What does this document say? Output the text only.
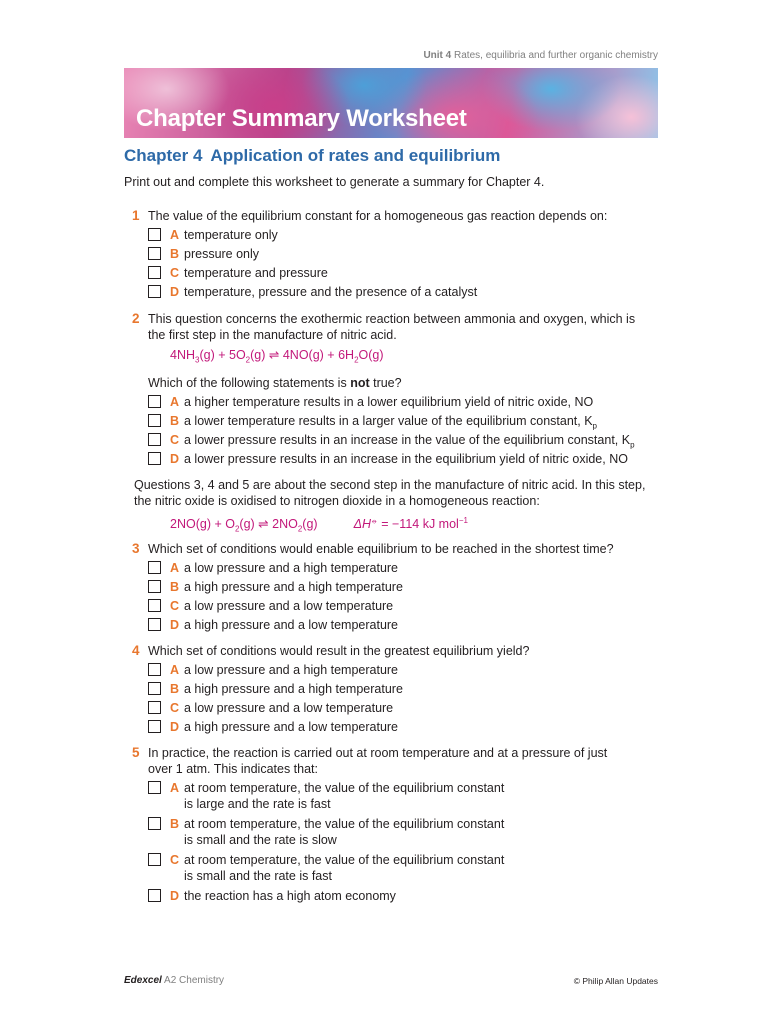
Unit 4 Rates, equilibria and further organic chemistry
Chapter Summary Worksheet
Chapter 4 Application of rates and equilibrium
Print out and complete this worksheet to generate a summary for Chapter 4.
1 The value of the equilibrium constant for a homogeneous gas reaction depends on:
A temperature only
B pressure only
C temperature and pressure
D temperature, pressure and the presence of a catalyst
2 This question concerns the exothermic reaction between ammonia and oxygen, which is the first step in the manufacture of nitric acid.
$4NH_3(g) + 5O_2(g)$ ⇌ $4NO(g) + 6H_2O(g)$
Which of the following statements is not true?
A a higher temperature results in a lower equilibrium yield of nitric oxide, NO
B a lower temperature results in a larger value of the equilibrium constant, $K_p$
C a lower pressure results in an increase in the value of the equilibrium constant, $K_p$
D a lower pressure results in an increase in the equilibrium yield of nitric oxide, NO
Questions 3, 4 and 5 are about the second step in the manufacture of nitric acid. In this step, the nitric oxide is oxidised to nitrogen dioxide in a homogeneous reaction:
$2NO(g) + O_2(g)$ ⇌ $2NO_2(g)$	ΔH⦵ = −114 kJ mol$^{-1}$
3 Which set of conditions would enable equilibrium to be reached in the shortest time?
A a low pressure and a high temperature
B a high pressure and a high temperature
C a low pressure and a low temperature
D a high pressure and a low temperature
4 Which set of conditions would result in the greatest equilibrium yield?
A a low pressure and a high temperature
B a high pressure and a high temperature
C a low pressure and a low temperature
D a high pressure and a low temperature
5 In practice, the reaction is carried out at room temperature and at a pressure of just over 1 atm. This indicates that:
A at room temperature, the value of the equilibrium constant
is large and the rate is fast
B at room temperature, the value of the equilibrium constant
is small and the rate is slow
C at room temperature, the value of the equilibrium constant
is small and the rate is fast
D the reaction has a high atom economy
Edexcel A2 Chemistry	© Philip Allan Updates
